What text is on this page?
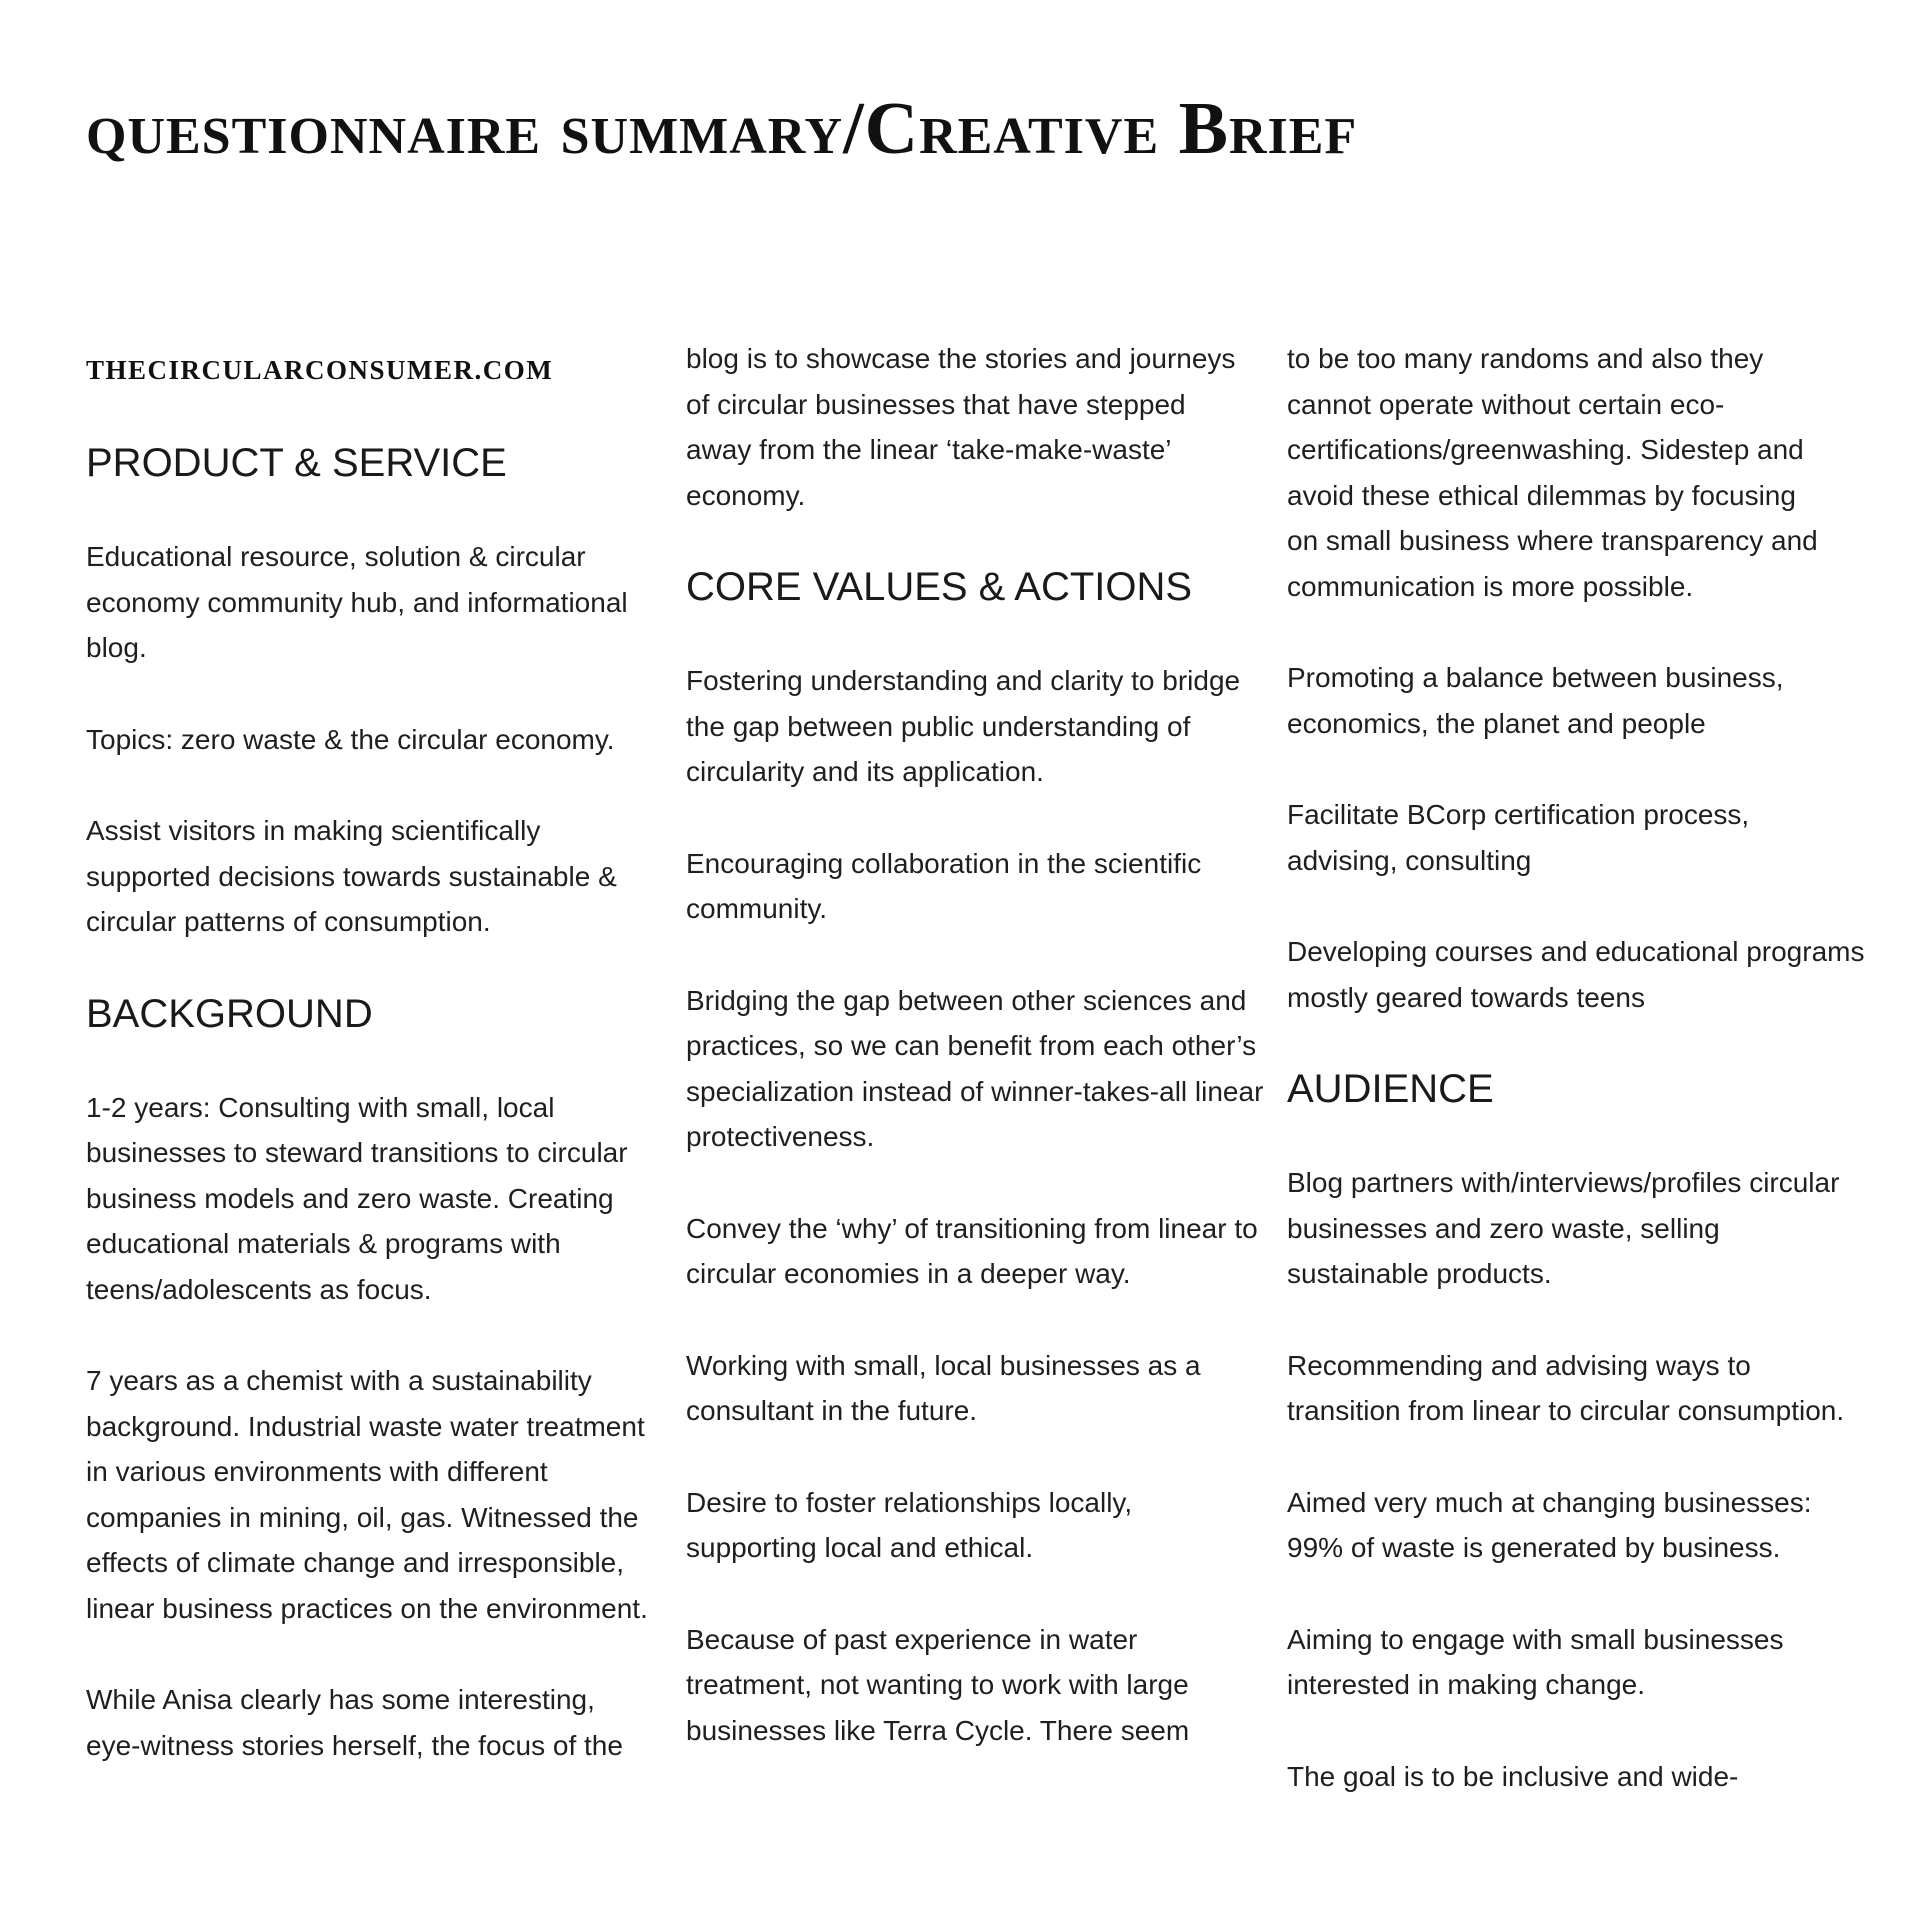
questionnaire summary/Creative Brief
THECIRCULARCONSUMER.COM
PRODUCT & SERVICE

Educational resource, solution & circular economy community hub, and informational blog.

Topics: zero waste & the circular economy.

Assist visitors in making scientifically supported decisions towards sustainable & circular patterns of consumption.

BACKGROUND

1-2 years: Consulting with small, local businesses to steward transitions to circular business models and zero waste. Creating educational materials & programs with teens/adolescents as focus.

7 years as a chemist with a sustainability background. Industrial waste water treatment in various environments with different companies in mining, oil, gas. Witnessed the effects of climate change and irresponsible, linear business practices on the environment.

While Anisa clearly has some interesting,
eye-witness stories herself, the focus of the

blog is to showcase the stories and journeys
of circular businesses that have stepped
away from the linear ‘take-make-waste’
economy.

CORE VALUES & ACTIONS

Fostering understanding and clarity to bridge the gap between public understanding of circularity and its application.

Encouraging collaboration in the scientific community.

Bridging the gap between other sciences and practices, so we can benefit from each other’s specialization instead of winner-takes-all linear protectiveness.

Convey the ‘why’ of transitioning from linear to circular economies in a deeper way.

Working with small, local businesses as a consultant in the future.

Desire to foster relationships locally, supporting local and ethical.

Because of past experience in water
treatment, not wanting to work with large
businesses like Terra Cycle. There seem

to be too many randoms and also they
cannot operate without certain eco-
certifications/greenwashing. Sidestep and
avoid these ethical dilemmas by focusing
on small business where transparency and
communication is more possible.

Promoting a balance between business, economics, the planet and people

Facilitate BCorp certification process, advising, consulting

Developing courses and educational programs mostly geared towards teens

AUDIENCE

Blog partners with/interviews/profiles circular businesses and zero waste, selling sustainable products.

Recommending and advising ways to transition from linear to circular consumption.

Aimed very much at changing businesses: 99% of waste is generated by business.

Aiming to engage with small businesses interested in making change.

The goal is to be inclusive and wide-
